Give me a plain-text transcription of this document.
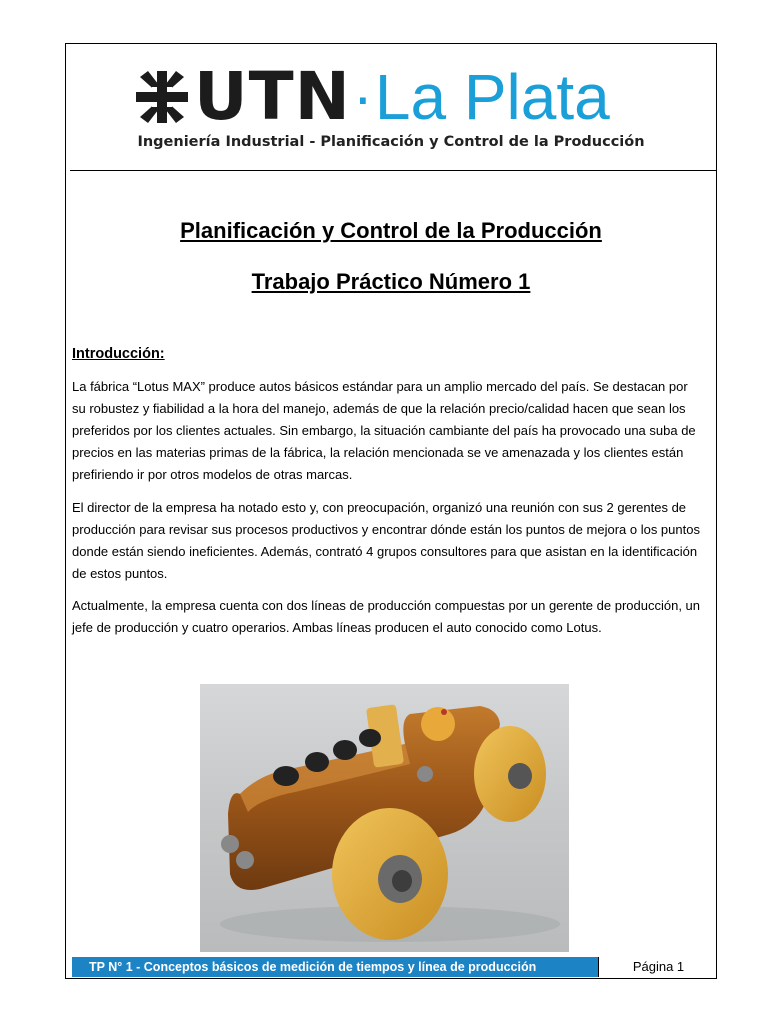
UTN · La Plata
Ingeniería Industrial - Planificación y Control de la Producción
Planificación y Control de la Producción
Trabajo Práctico Número 1
Introducción:
La fábrica “Lotus MAX” produce autos básicos estándar para un amplio mercado del país. Se destacan por su robustez y fiabilidad a la hora del manejo, además de que la relación precio/calidad hacen que sean los preferidos por los clientes actuales. Sin embargo, la situación cambiante del país ha provocado una suba de precios en las materias primas de la fábrica, la relación mencionada se ve amenazada y los clientes están prefiriendo ir por otros modelos de otras marcas.
El director de la empresa ha notado esto y, con preocupación, organizó una reunión con sus 2 gerentes de producción para revisar sus procesos productivos y encontrar dónde están los puntos de mejora o los puntos donde están siendo ineficientes. Además, contrató 4 grupos consultores para que asistan en la identificación de estos puntos.
Actualmente, la empresa cuenta con dos líneas de producción compuestas por un gerente de producción, un jefe de producción y cuatro operarios. Ambas líneas producen el auto conocido como Lotus.
TP N° 1 - Conceptos básicos de medición de tiempos y línea de producción	Página 1
